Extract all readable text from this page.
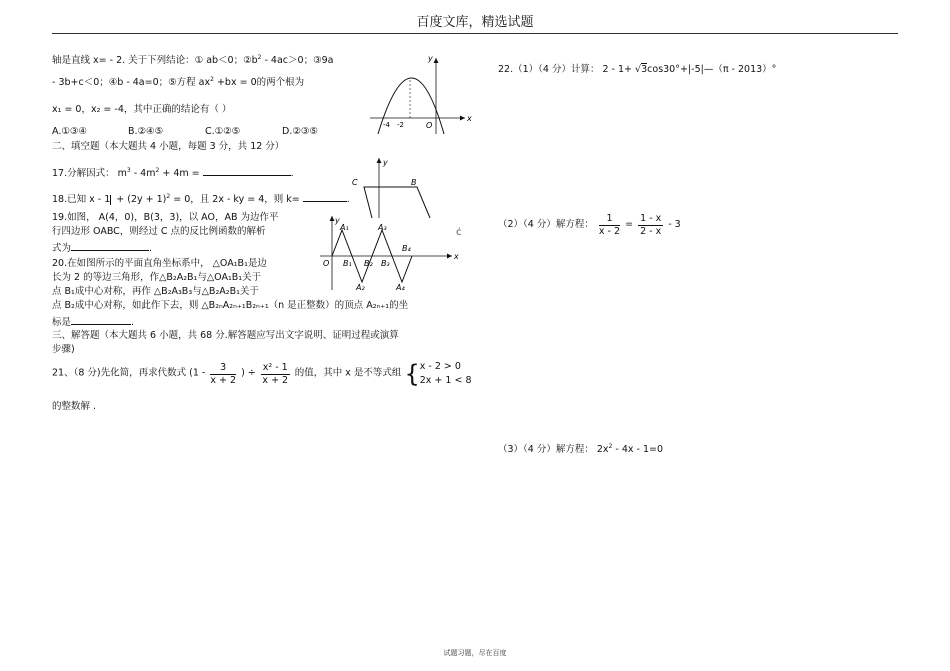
百度文库，精选试题
轴是直线 x= - 2. 关于下列结论：① ab＜0；$②b^2 - 4ac>0$；③9a
- 3b+c＜0；④b - 4a=0；⑤方程 $ax^2 +bx = 0$的两个根为
x₁ = 0，x₂ = -4，其中正确的结论有（ ）
A.①③④	B.②④⑤	C.①②⑤	D.②③⑤
二、填空题（本大题共 4 小题，每题 3 分，共 12 分）
17.分解因式： $m^3 - 4m^2 + 4m$ =	.
18.已知 $x - 1 + (2y + 1)^2 = 0$，且 2x - ky = 4，则 k=	.
19.如图， A(4，0)，B(3，3)，以 AO，AB 为边作平
行四边形 OABC，则经过 C 点的反比例函数的解析
式为	.
20.在如图所示的平面直角坐标系中， △OA₁B₁是边
长为 2 的等边三角形，作△B₂A₂B₁与△OA₁B₁关于
点 B₁成中心对称，再作 △B₂A₃B₃与△B₂A₂B₁关于
点 B₂成中心对称，如此作下去，则 △B₂ₙA₂ₙ₊₁B₂ₙ₊₁（n 是正整数）的顶点 A₂ₙ₊₁的坐
标是	.
三、解答题（本大题共 6 小题，共 68 分.解答题应写出文字说明、证明过程或演算
步骤)
21、（8 分)先化简，再求代数式 ($1 - \frac{3}{x + 2}$ ) ÷ $\frac{\text{x² - 1}}{x + 2}$ 的值，其中 x 是不等式组 {x - 2 > 0
2x + 1 < 8
的整数解 .
22.（1）（4 分）计算： 2 - 1+ √3cos30°+|-5|—（π - 2013）°
（2）（4 分）解方程： $\frac{1}{x - 2} = \frac{1 - x}{2 - x} - 3$
（3）（4 分）解方程： $2x^2 - 4x - 1=0$
y
x
-4 -2	O
y
C	B
y
x
A₁	A₃
B₄
O B₁ B₂ B₃
A₂	A₄
ċ
试题习题，尽在百度
